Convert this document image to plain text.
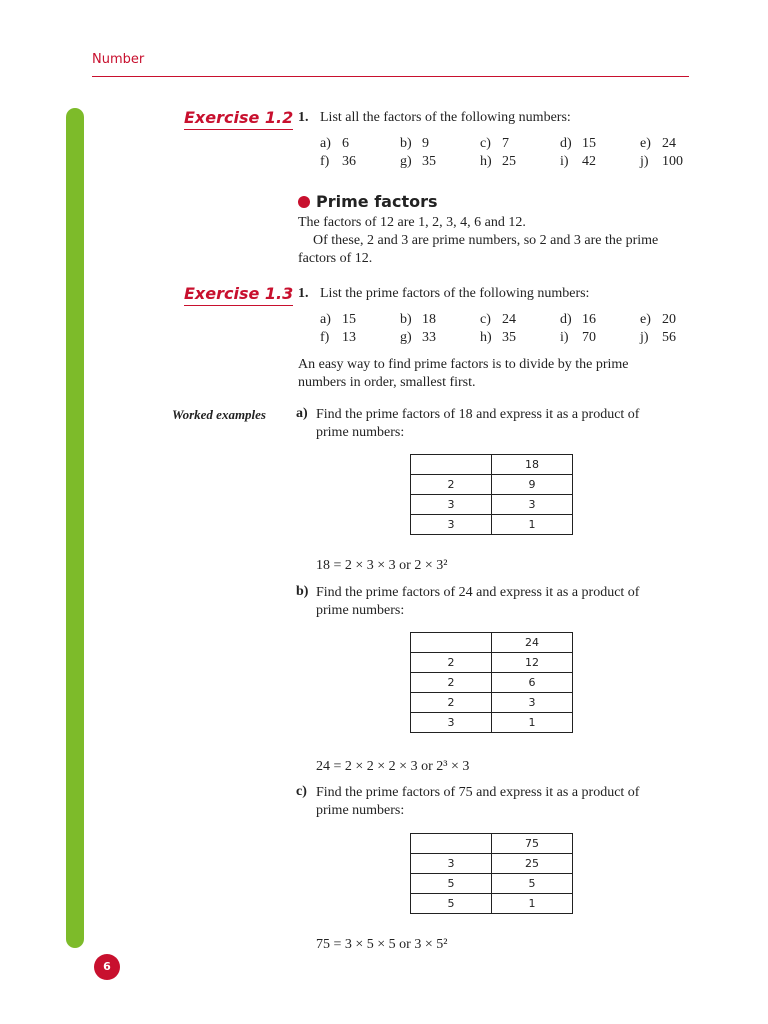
Number
6
Exercise 1.2 1. List all the factors of the following numbers:
a) 6	b) 9	c) 7	d) 15	e) 24
f) 36	g) 35	h) 25	i) 42	j) 100
Prime factors
The factors of 12 are 1, 2, 3, 4, 6 and 12.
Of these, 2 and 3 are prime numbers, so 2 and 3 are the prime
factors of 12.
Exercise 1.3 1. List the prime factors of the following numbers:
a) 15	b) 18	c) 24	d) 16	e) 20
f) 13	g) 33	h) 35	i) 70	j) 56
An easy way to find prime factors is to divide by the prime
numbers in order, smallest first.
Worked examples a) Find the prime factors of 18 and express it as a product of
prime numbers:
	18
2	9
3	3
3	1
18 = 2 × 3 × 3 or 2 × 3²
b) Find the prime factors of 24 and express it as a product of
prime numbers:
	24
2	12
2	6
2	3
3	1
24 = 2 × 2 × 2 × 3 or 2³ × 3
c) Find the prime factors of 75 and express it as a product of
prime numbers:
	75
3	25
5	5
5	1
75 = 3 × 5 × 5 or 3 × 5²
